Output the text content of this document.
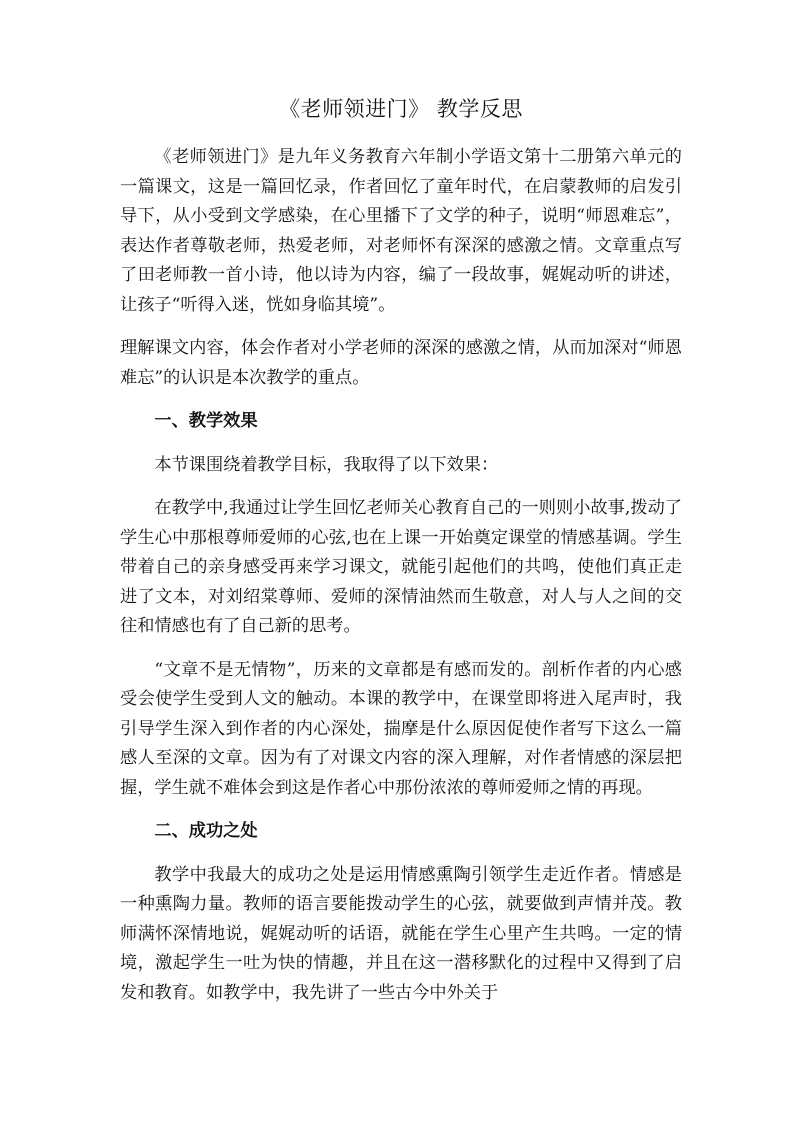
《老师领进门》 教学反思

《老师领进门》是九年义务教育六年制小学语文第十二册第六单元的一篇课文，这是一篇回忆录，作者回忆了童年时代，在启蒙教师的启发引导下，从小受到文学感染，在心里播下了文学的种子，说明“师恩难忘”，表达作者尊敬老师，热爱老师，对老师怀有深深的感激之情。文章重点写了田老师教一首小诗，他以诗为内容，编了一段故事，娓娓动听的讲述，让孩子“听得入迷，恍如身临其境”。

理解课文内容，体会作者对小学老师的深深的感激之情，从而加深对“师恩难忘”的认识是本次教学的重点。

一、教学效果

本节课围绕着教学目标，我取得了以下效果：

在教学中,我通过让学生回忆老师关心教育自己的一则则小故事,拨动了学生心中那根尊师爱师的心弦,也在上课一开始奠定课堂的情感基调。学生带着自己的亲身感受再来学习课文，就能引起他们的共鸣，使他们真正走进了文本，对刘绍棠尊师、爱师的深情油然而生敬意，对人与人之间的交往和情感也有了自己新的思考。

“文章不是无情物”，历来的文章都是有感而发的。剖析作者的内心感受会使学生受到人文的触动。本课的教学中，在课堂即将进入尾声时，我引导学生深入到作者的内心深处，揣摩是什么原因促使作者写下这么一篇感人至深的文章。因为有了对课文内容的深入理解，对作者情感的深层把握，学生就不难体会到这是作者心中那份浓浓的尊师爱师之情的再现。

二、成功之处

教学中我最大的成功之处是运用情感熏陶引领学生走近作者。情感是一种熏陶力量。教师的语言要能拨动学生的心弦，就要做到声情并茂。教师满怀深情地说，娓娓动听的话语，就能在学生心里产生共鸣。一定的情境，激起学生一吐为快的情趣，并且在这一潜移默化的过程中又得到了启发和教育。如教学中，我先讲了一些古今中外关于
